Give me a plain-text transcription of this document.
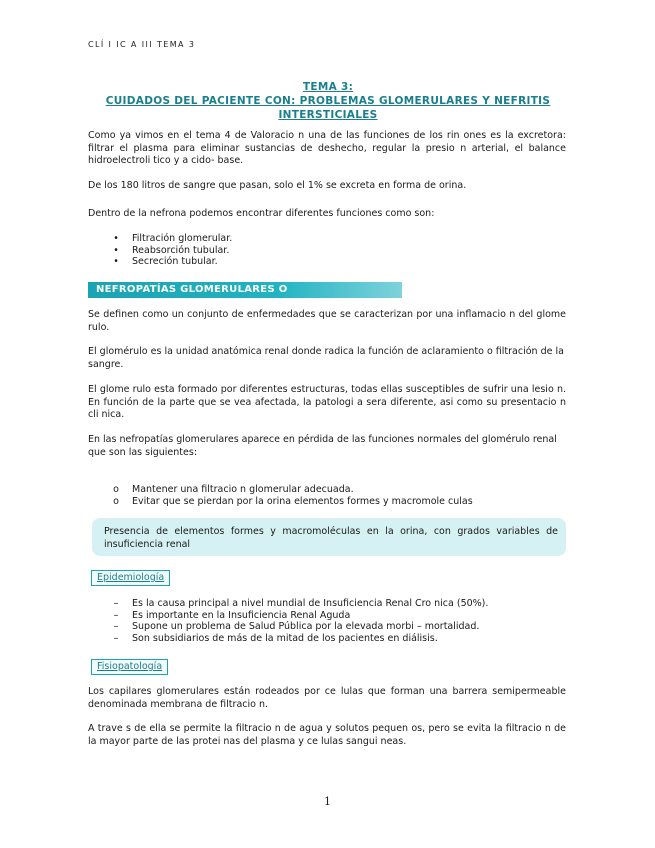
CLÍ I IC A III TEMA 3
TEMA 3:
CUIDADOS DEL PACIENTE CON: PROBLEMAS GLOMERULARES Y NEFRITIS
INTERSTICIALES

Como ya vimos en el tema 4 de Valoracio n una de las funciones de los rin ones es la excretora: filtrar el plasma para eliminar sustancias de deshecho, regular la presio n arterial, el balance hidroelectroli tico y a cido- base.

De los 180 litros de sangre que pasan, solo el 1% se excreta en forma de orina.

Dentro de la nefrona podemos encontrar diferentes funciones como son:

•	Filtración glomerular.
•	Reabsorción tubular.
•	Secreción tubular.
NEFROPATÍAS GLOMERULARES O GLOMERULONEFRITIS

Se definen como un conjunto de enfermedades que se caracterizan por una inflamacio n del glome rulo.

El glomérulo es la unidad anatómica renal donde radica la función de aclaramiento o filtración de la sangre.

El glome rulo esta formado por diferentes estructuras, todas ellas susceptibles de sufrir una lesio n. En función de la parte que se vea afectada, la patologi a sera diferente, asi como su presentacio n cli nica.

En las nefropatías glomerulares aparece en pérdida de las funciones normales del glomérulo renal que son las siguientes:

o	Mantener una filtracio n glomerular adecuada.
o	Evitar que se pierdan por la orina elementos formes y macromole culas
Presencia de elementos formes y macromoléculas en la orina, con grados variables de insuficiencia renal
Epidemiología
–	Es la causa principal a nivel mundial de Insuficiencia Renal Cro nica (50%).
–	Es importante en la Insuficiencia Renal Aguda
–	Supone un problema de Salud Pública por la elevada morbi – mortalidad.
–	Son subsidiarios de más de la mitad de los pacientes en diálisis.
Fisiopatología

Los capilares glomerulares están rodeados por ce lulas que forman una barrera semipermeable denominada membrana de filtracio n.

A trave s de ella se permite la filtracio n de agua y solutos pequen os, pero se evita la filtracio n de la mayor parte de las protei nas del plasma y ce lulas sangui neas.

1
